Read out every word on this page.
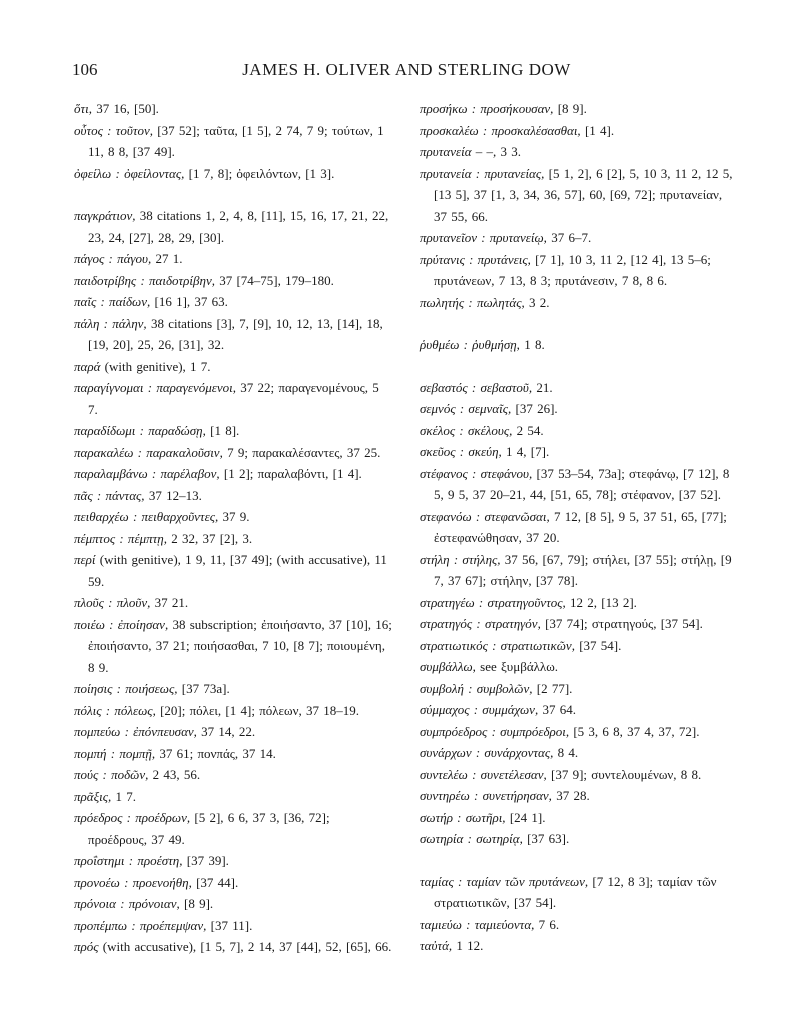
106	JAMES H. OLIVER AND STERLING DOW
ὅτι, 37 16, [50].
οὗτος : τοῦτον, [37 52]; ταῦτα, [1 5], 2 74, 7 9; τούτων, 1 11, 8 8, [37 49].
ὀφείλω : ὀφείλοντας, [1 7, 8]; ὀφειλόντων, [1 3].
παγκράτιον, 38 citations 1, 2, 4, 8, [11], 15, 16, 17, 21, 22, 23, 24, [27], 28, 29, [30].
πάγος : πάγου, 27 1.
παιδοτρίβης : παιδοτρίβην, 37 [74–75], 179–180.
παῖς : παίδων, [16 1], 37 63.
πάλη : πάλην, 38 citations [3], 7, [9], 10, 12, 13, [14], 18, [19, 20], 25, 26, [31], 32.
παρά (with genitive), 1 7.
παραγίγνομαι : παραγενόμενοι, 37 22; παραγενομένους, 5 7.
παραδίδωμι : παραδώσῃ, [1 8].
παρακαλέω : παρακαλοῦσιν, 7 9; παρακαλέσαντες, 37 25.
παραλαμβάνω : παρέλαβον, [1 2]; παραλαβόντι, [1 4].
πᾶς : πάντας, 37 12–13.
πειθαρχέω : πειθαρχοῦντες, 37 9.
πέμπτος : πέμπτῃ, 2 32, 37 [2], 3.
περί (with genitive), 1 9, 11, [37 49]; (with accusative), 11 59.
πλοῦς : πλοῦν, 37 21.
ποιέω : ἐποίησαν, 38 subscription; ἐποιήσαντο, 37 [10], 16; ἐποιήσαντο, 37 21; ποιήσασθαι, 7 10, [8 7]; ποιουμένη, 8 9.
ποίησις : ποιήσεως, [37 73a].
πόλις : πόλεως, [20]; πόλει, [1 4]; πόλεων, 37 18–19.
πομπεύω : ἐπόνπευσαν, 37 14, 22.
πομπή : πομπῇ, 37 61; πονπάς, 37 14.
πούς : ποδῶν, 2 43, 56.
πρᾶξις, 1 7.
πρόεδρος : προέδρων, [5 2], 6 6, 37 3, [36, 72]; προέδρους, 37 49.
προΐστημι : προέστη, [37 39].
προνοέω : προενοήθη, [37 44].
πρόνοια : πρόνοιαν, [8 9].
προπέμπω : προέπεμψαν, [37 11].
πρός (with accusative), [1 5, 7], 2 14, 37 [44], 52, [65], 66.
προσήκω : προσήκουσαν, [8 9].
προσκαλέω : προσκαλέσασθαι, [1 4].
πρυτανεία – –, 3 3.
πρυτανεία : πρυτανείας, [5 1, 2], 6 [2], 5, 10 3, 11 2, 12 5, [13 5], 37 [1, 3, 34, 36, 57], 60, [69, 72]; πρυτανείαν, 37 55, 66.
πρυτανεῖον : πρυτανείῳ, 37 6–7.
πρύτανις : πρυτάνεις, [7 1], 10 3, 11 2, [12 4], 13 5–6; πρυτάνεων, 7 13, 8 3; πρυτάνεσιν, 7 8, 8 6.
πωλητής : πωλητάς, 3 2.
ῥυθμέω : ῥυθμήσῃ, 1 8.
σεβαστός : σεβαστοῦ, 21.
σεμνός : σεμναῖς, [37 26].
σκέλος : σκέλους, 2 54.
σκεῦος : σκεύη, 1 4, [7].
στέφανος : στεφάνου, [37 53–54, 73a]; στεφάνῳ, [7 12], 8 5, 9 5, 37 20–21, 44, [51, 65, 78]; στέφανον, [37 52].
στεφανόω : στεφανῶσαι, 7 12, [8 5], 9 5, 37 51, 65, [77]; ἐστεφανώθησαν, 37 20.
στήλη : στήλης, 37 56, [67, 79]; στήλει, [37 55]; στήλῃ, [9 7, 37 67]; στήλην, [37 78].
στρατηγέω : στρατηγοῦντος, 12 2, [13 2].
στρατηγός : στρατηγόν, [37 74]; στρατηγούς, [37 54].
στρατιωτικός : στρατιωτικῶν, [37 54].
συμβάλλω, see ξυμβάλλω.
συμβολή : συμβολῶν, [2 77].
σύμμαχος : συμμάχων, 37 64.
συμπρόεδρος : συμπρόεδροι, [5 3, 6 8, 37 4, 37, 72].
συνάρχων : συνάρχοντας, 8 4.
συντελέω : συνετέλεσαν, [37 9]; συντελουμένων, 8 8.
συντηρέω : συνετήρησαν, 37 28.
σωτήρ : σωτῆρι, [24 1].
σωτηρία : σωτηρίᾳ, [37 63].
ταμίας : ταμίαν τῶν πρυτάνεων, [7 12, 8 3]; ταμίαν τῶν στρατιωτικῶν, [37 54].
ταμιεύω : ταμιεύοντα, 7 6.
ταὐτά, 1 12.
